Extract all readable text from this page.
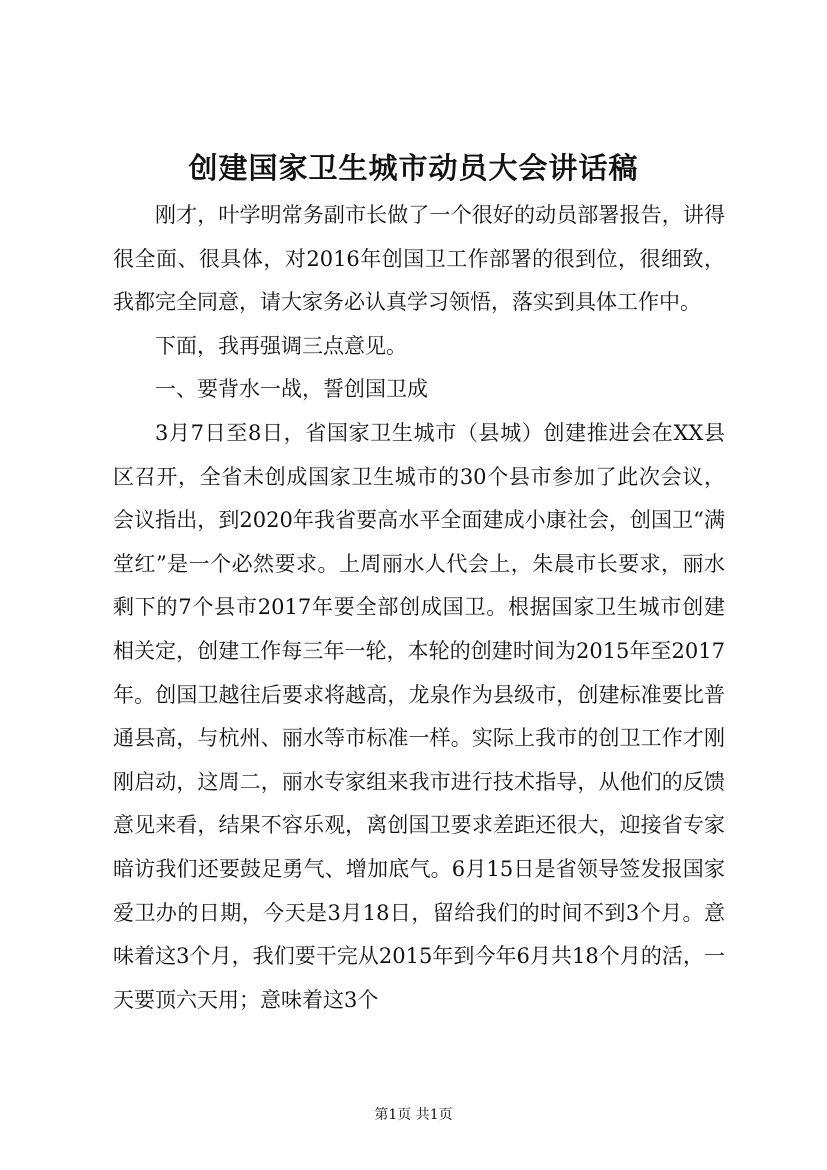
创建国家卫生城市动员大会讲话稿

刚才，叶学明常务副市长做了一个很好的动员部署报告，讲得很全面、很具体，对2016年创国卫工作部署的很到位，很细致，我都完全同意，请大家务必认真学习领悟，落实到具体工作中。

下面，我再强调三点意见。

一、要背水一战，誓创国卫成

3月7日至8日，省国家卫生城市（县城）创建推进会在XX县区召开，全省未创成国家卫生城市的30个县市参加了此次会议，会议指出，到2020年我省要高水平全面建成小康社会，创国卫“满堂红”是一个必然要求。上周丽水人代会上，朱晨市长要求，丽水剩下的7个县市2017年要全部创成国卫。根据国家卫生城市创建相关定，创建工作每三年一轮，本轮的创建时间为2015年至2017年。创国卫越往后要求将越高，龙泉作为县级市，创建标准要比普通县高，与杭州、丽水等市标准一样。实际上我市的创卫工作才刚刚启动，这周二，丽水专家组来我市进行技术指导，从他们的反馈意见来看，结果不容乐观，离创国卫要求差距还很大，迎接省专家暗访我们还要鼓足勇气、增加底气。6月15日是省领导签发报国家爱卫办的日期，今天是3月18日，留给我们的时间不到3个月。意味着这3个月，我们要干完从2015年到今年6月共18个月的活，一天要顶六天用；意味着这3个

第1页 共1页
